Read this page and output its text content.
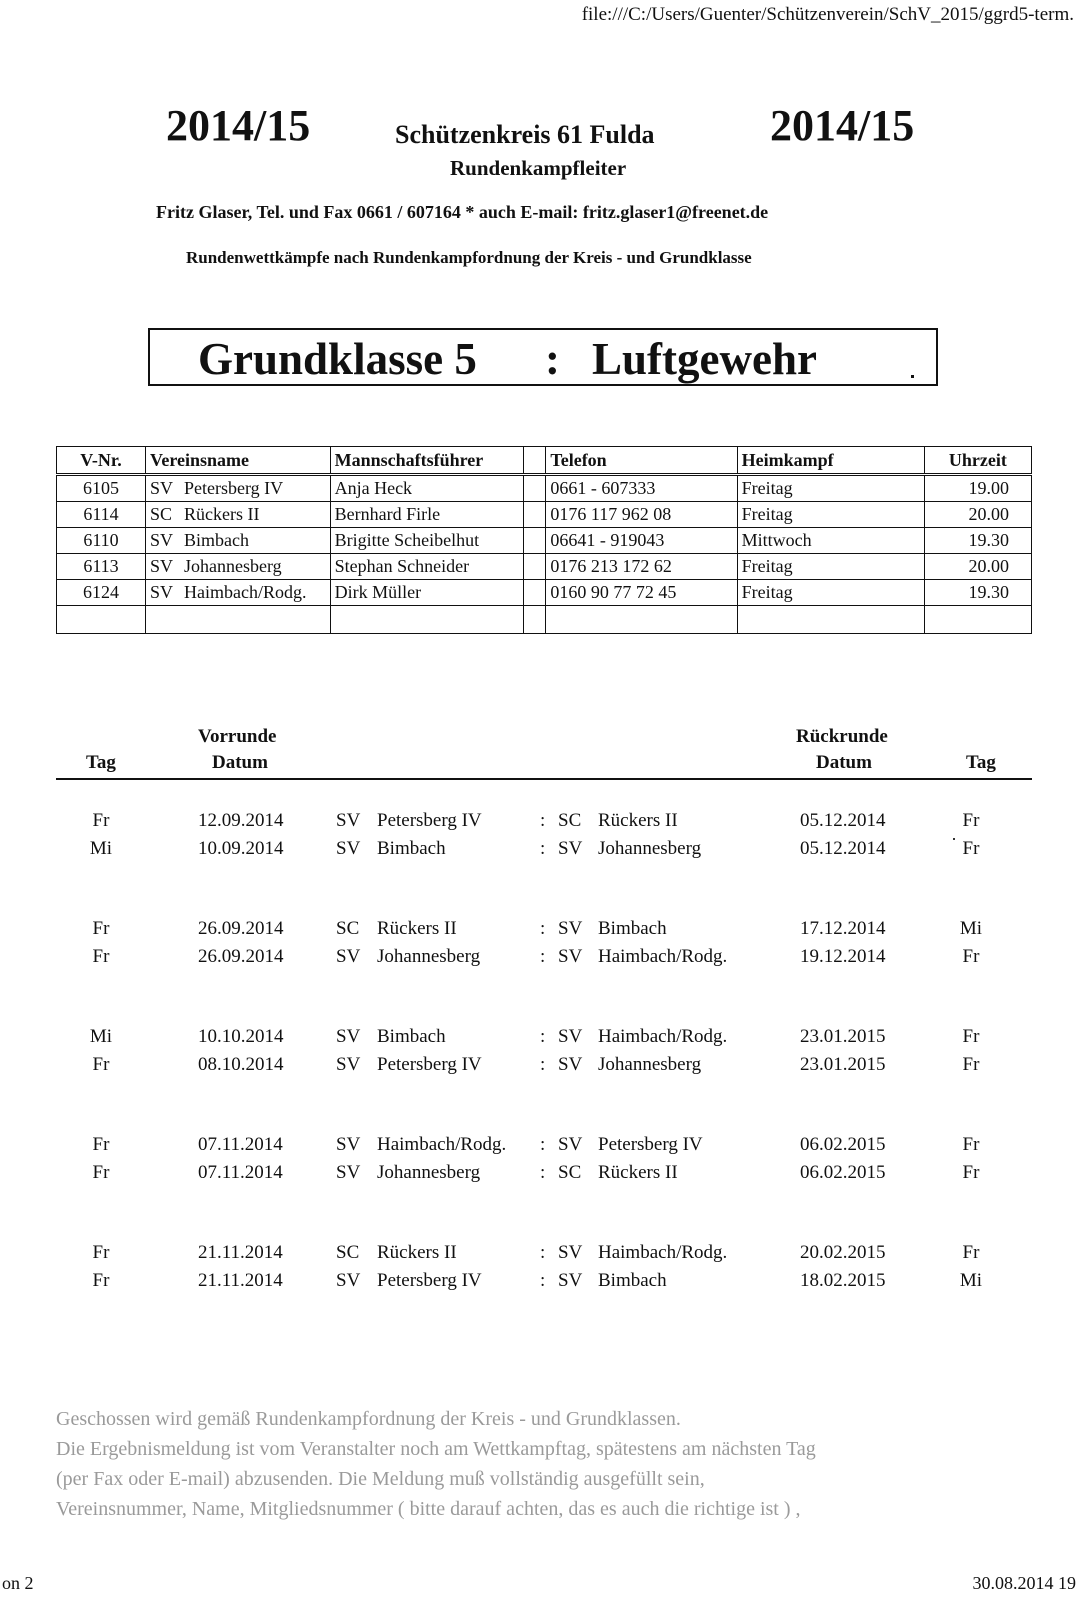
file:///C:/Users/Guenter/Schützenverein/SchV_2015/ggrd5-term.
2014/15	Schützenkreis 61 Fulda	2014/15
Rundenkampfleiter
Fritz Glaser, Tel. und Fax 0661 / 607164 * auch E-mail: fritz.glaser1@freenet.de
Rundenwettkämpfe nach Rundenkampfordnung der Kreis - und Grundklasse
Grundklasse 5 : Luftgewehr
V-Nr.	Vereinsname	Mannschaftsführer		Telefon	Heimkampf	Uhrzeit
6105	SV Petersberg IV	Anja Heck		0661 - 607333	Freitag	19.00
6114	SC Rückers II	Bernhard Firle		0176 117 962 08	Freitag	20.00
6110	SV Bimbach	Brigitte Scheibelhut		06641 - 919043	Mittwoch	19.30
6113	SV Johannesberg	Stephan Schneider		0176 213 172 62	Freitag	20.00
6124	SV Haimbach/Rodg.	Dirk Müller		0160 90 77 72 45	Freitag	19.30

Vorrunde	Rückrunde
Tag	Datum	Datum	Tag
Fr	12.09.2014	SV Petersberg IV	: SC Rückers II	05.12.2014	Fr
Mi	10.09.2014	SV Bimbach	: SV Johannesberg	05.12.2014	Fr
Fr	26.09.2014	SC Rückers II	: SV Bimbach	17.12.2014	Mi
Fr	26.09.2014	SV Johannesberg	: SV Haimbach/Rodg.	19.12.2014	Fr
Mi	10.10.2014	SV Bimbach	: SV Haimbach/Rodg.	23.01.2015	Fr
Fr	08.10.2014	SV Petersberg IV	: SV Johannesberg	23.01.2015	Fr
Fr	07.11.2014	SV Haimbach/Rodg. : SV Petersberg IV	06.02.2015	Fr
Fr	07.11.2014	SV Johannesberg	: SC Rückers II	06.02.2015	Fr
Fr	21.11.2014	SC Rückers II	: SV Haimbach/Rodg.	20.02.2015	Fr
Fr	21.11.2014	SV Petersberg IV	: SV Bimbach	18.02.2015	Mi
Geschossen wird gemäß Rundenkampfordnung der Kreis - und Grundklassen.
Die Ergebnismeldung ist vom Veranstalter noch am Wettkampftag, spätestens am nächsten Tag
(per Fax oder E-mail) abzusenden. Die Meldung muß vollständig ausgefüllt sein,
Vereinsnummer, Name, Mitgliedsnummer ( bitte darauf achten, das es auch die richtige ist ) ,
on 2	30.08.2014 19
